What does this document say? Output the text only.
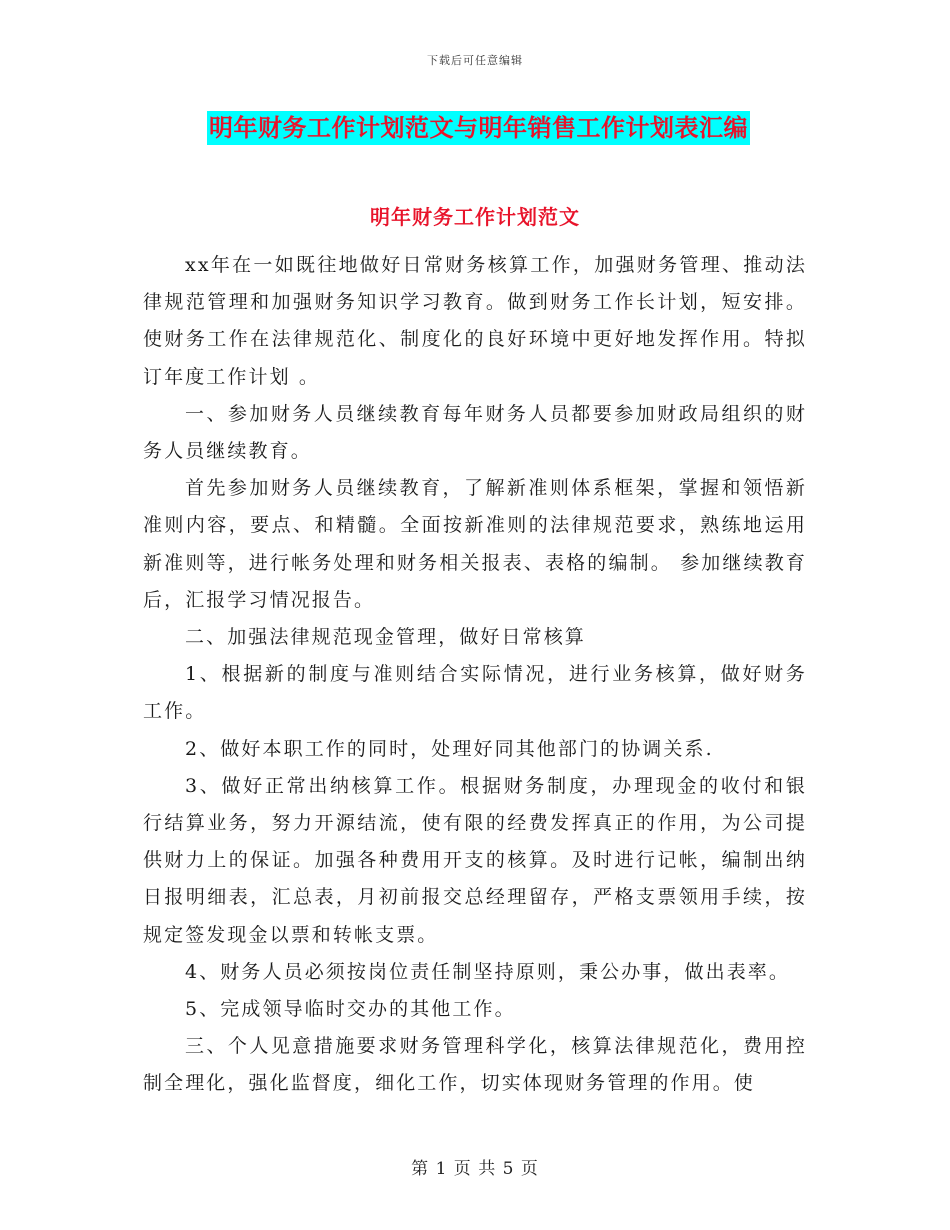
下载后可任意编辑
明年财务工作计划范文与明年销售工作计划表汇编
明年财务工作计划范文

xx年在一如既往地做好日常财务核算工作，加强财务管理、推动法律规范管理和加强财务知识学习教育。做到财务工作长计划，短安排。使财务工作在法律规范化、制度化的良好环境中更好地发挥作用。特拟订年度工作计划 。

一、参加财务人员继续教育每年财务人员都要参加财政局组织的财务人员继续教育。

首先参加财务人员继续教育，了解新准则体系框架，掌握和领悟新准则内容，要点、和精髓。全面按新准则的法律规范要求，熟练地运用新准则等，进行帐务处理和财务相关报表、表格的编制。 参加继续教育后，汇报学习情况报告。

二、加强法律规范现金管理，做好日常核算

1、根据新的制度与准则结合实际情况，进行业务核算，做好财务工作。

2、做好本职工作的同时，处理好同其他部门的协调关系.

3、做好正常出纳核算工作。根据财务制度，办理现金的收付和银行结算业务，努力开源结流，使有限的经费发挥真正的作用，为公司提供财力上的保证。加强各种费用开支的核算。及时进行记帐，编制出纳日报明细表，汇总表，月初前报交总经理留存，严格支票领用手续，按规定签发现金以票和转帐支票。

4、财务人员必须按岗位责任制坚持原则，秉公办事，做出表率。

5、完成领导临时交办的其他工作。

三、个人见意措施要求财务管理科学化，核算法律规范化，费用控制全理化，强化监督度，细化工作，切实体现财务管理的作用。使

第 1 页 共 5 页
